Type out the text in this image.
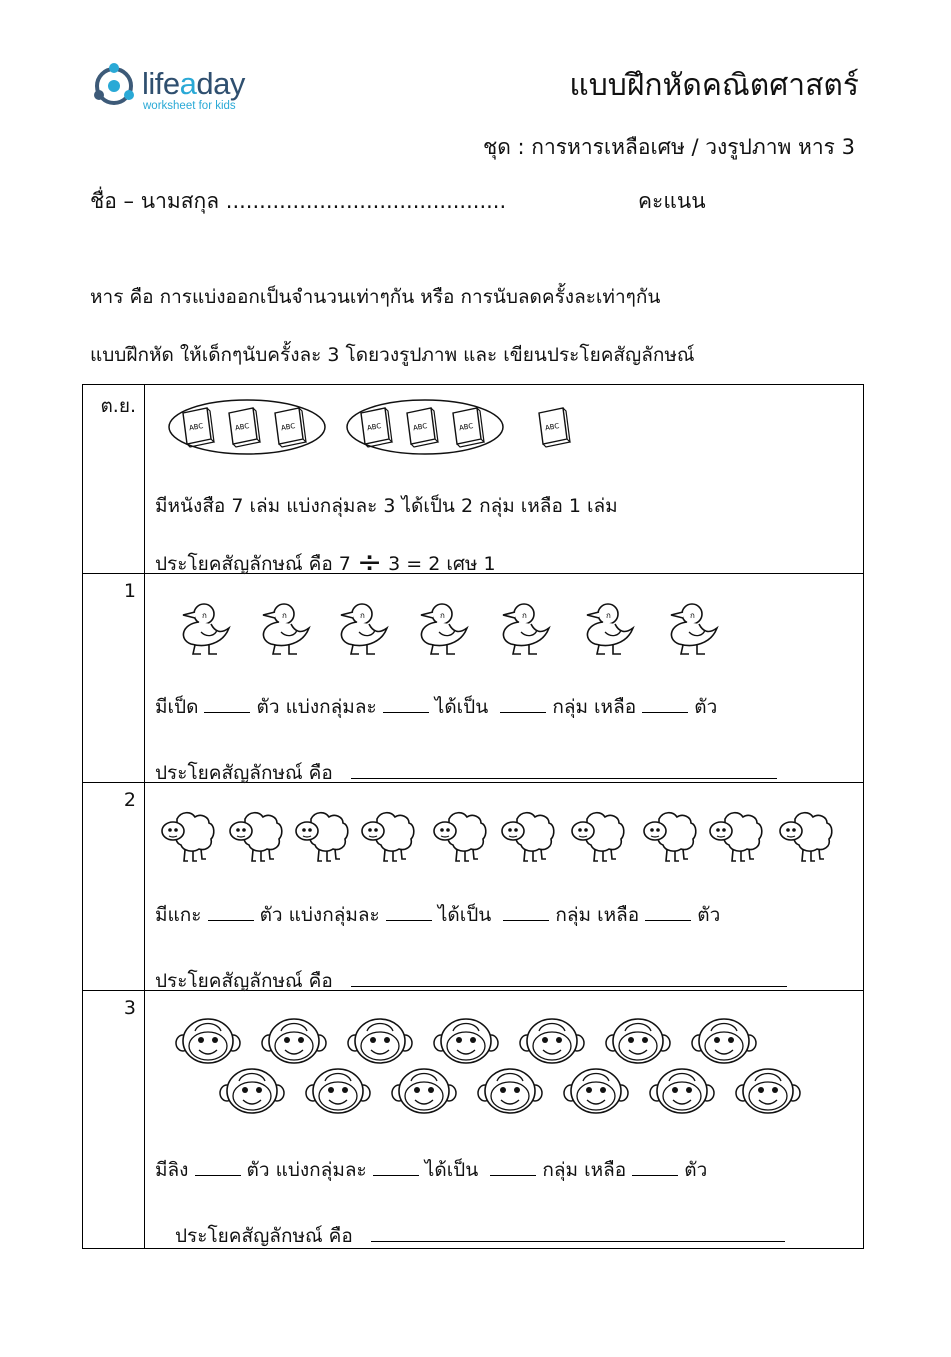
lifeaday
worksheet for kids
แบบฝึกหัดคณิตศาสตร์
ชุด : การหารเหลือเศษ / วงรูปภาพ หาร 3
ชื่อ – นามสกุล ..........................................	คะแนน
หาร คือ การแบ่งออกเป็นจำนวนเท่าๆกัน หรือ การนับลดครั้งละเท่าๆกัน
แบบฝึกหัด ให้เด็กๆนับครั้งละ 3 โดยวงรูปภาพ และ เขียนประโยคสัญลักษณ์
ต.ย.	มีหนังสือ 7 เล่ม แบ่งกลุ่มละ 3 ได้เป็น 2 กลุ่ม เหลือ 1 เล่ม
ประโยคสัญลักษณ์ คือ 7 ÷ 3 = 2 เศษ 1

1	มีเป็ด ตัว แบ่งกลุ่มละ ได้เป็น กลุ่ม เหลือ ตัว
ประโยคสัญลักษณ์ คือ

2	มีแกะ ตัว แบ่งกลุ่มละ ได้เป็น กลุ่ม เหลือ ตัว
ประโยคสัญลักษณ์ คือ

3	มีลิง ตัว แบ่งกลุ่มละ ได้เป็น กลุ่ม เหลือ ตัว
ประโยคสัญลักษณ์ คือ
